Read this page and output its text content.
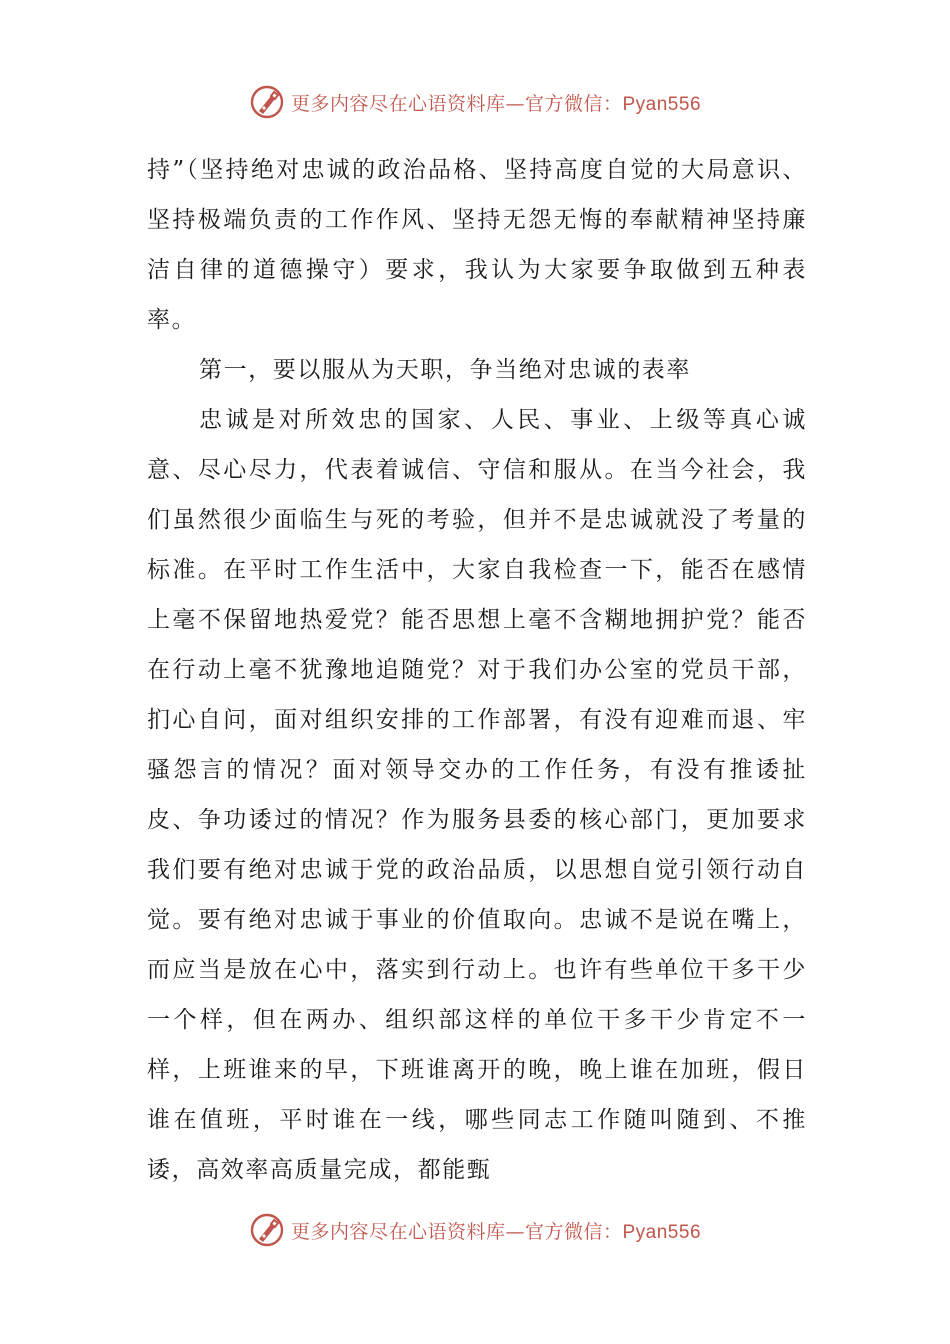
更多内容尽在心语资料库—官方微信：Pyan556

持”（坚持绝对忠诚的政治品格、坚持高度自觉的大局意识、坚持极端负责的工作作风、坚持无怨无悔的奉献精神坚持廉洁自律的道德操守）要求，我认为大家要争取做到五种表率。

第一，要以服从为天职，争当绝对忠诚的表率

忠诚是对所效忠的国家、人民、事业、上级等真心诚意、尽心尽力，代表着诚信、守信和服从。在当今社会，我们虽然很少面临生与死的考验，但并不是忠诚就没了考量的标准。在平时工作生活中，大家自我检查一下，能否在感情上毫不保留地热爱党？能否思想上毫不含糊地拥护党？能否在行动上毫不犹豫地追随党？对于我们办公室的党员干部，扪心自问，面对组织安排的工作部署，有没有迎难而退、牢骚怨言的情况？面对领导交办的工作任务，有没有推诿扯皮、争功诿过的情况？作为服务县委的核心部门，更加要求我们要有绝对忠诚于党的政治品质，以思想自觉引领行动自觉。要有绝对忠诚于事业的价值取向。忠诚不是说在嘴上，而应当是放在心中，落实到行动上。也许有些单位干多干少一个样，但在两办、组织部这样的单位干多干少肯定不一样，上班谁来的早，下班谁离开的晚，晚上谁在加班，假日谁在值班，平时谁在一线，哪些同志工作随叫随到、不推诿，高效率高质量完成，都能甄

更多内容尽在心语资料库—官方微信：Pyan556
